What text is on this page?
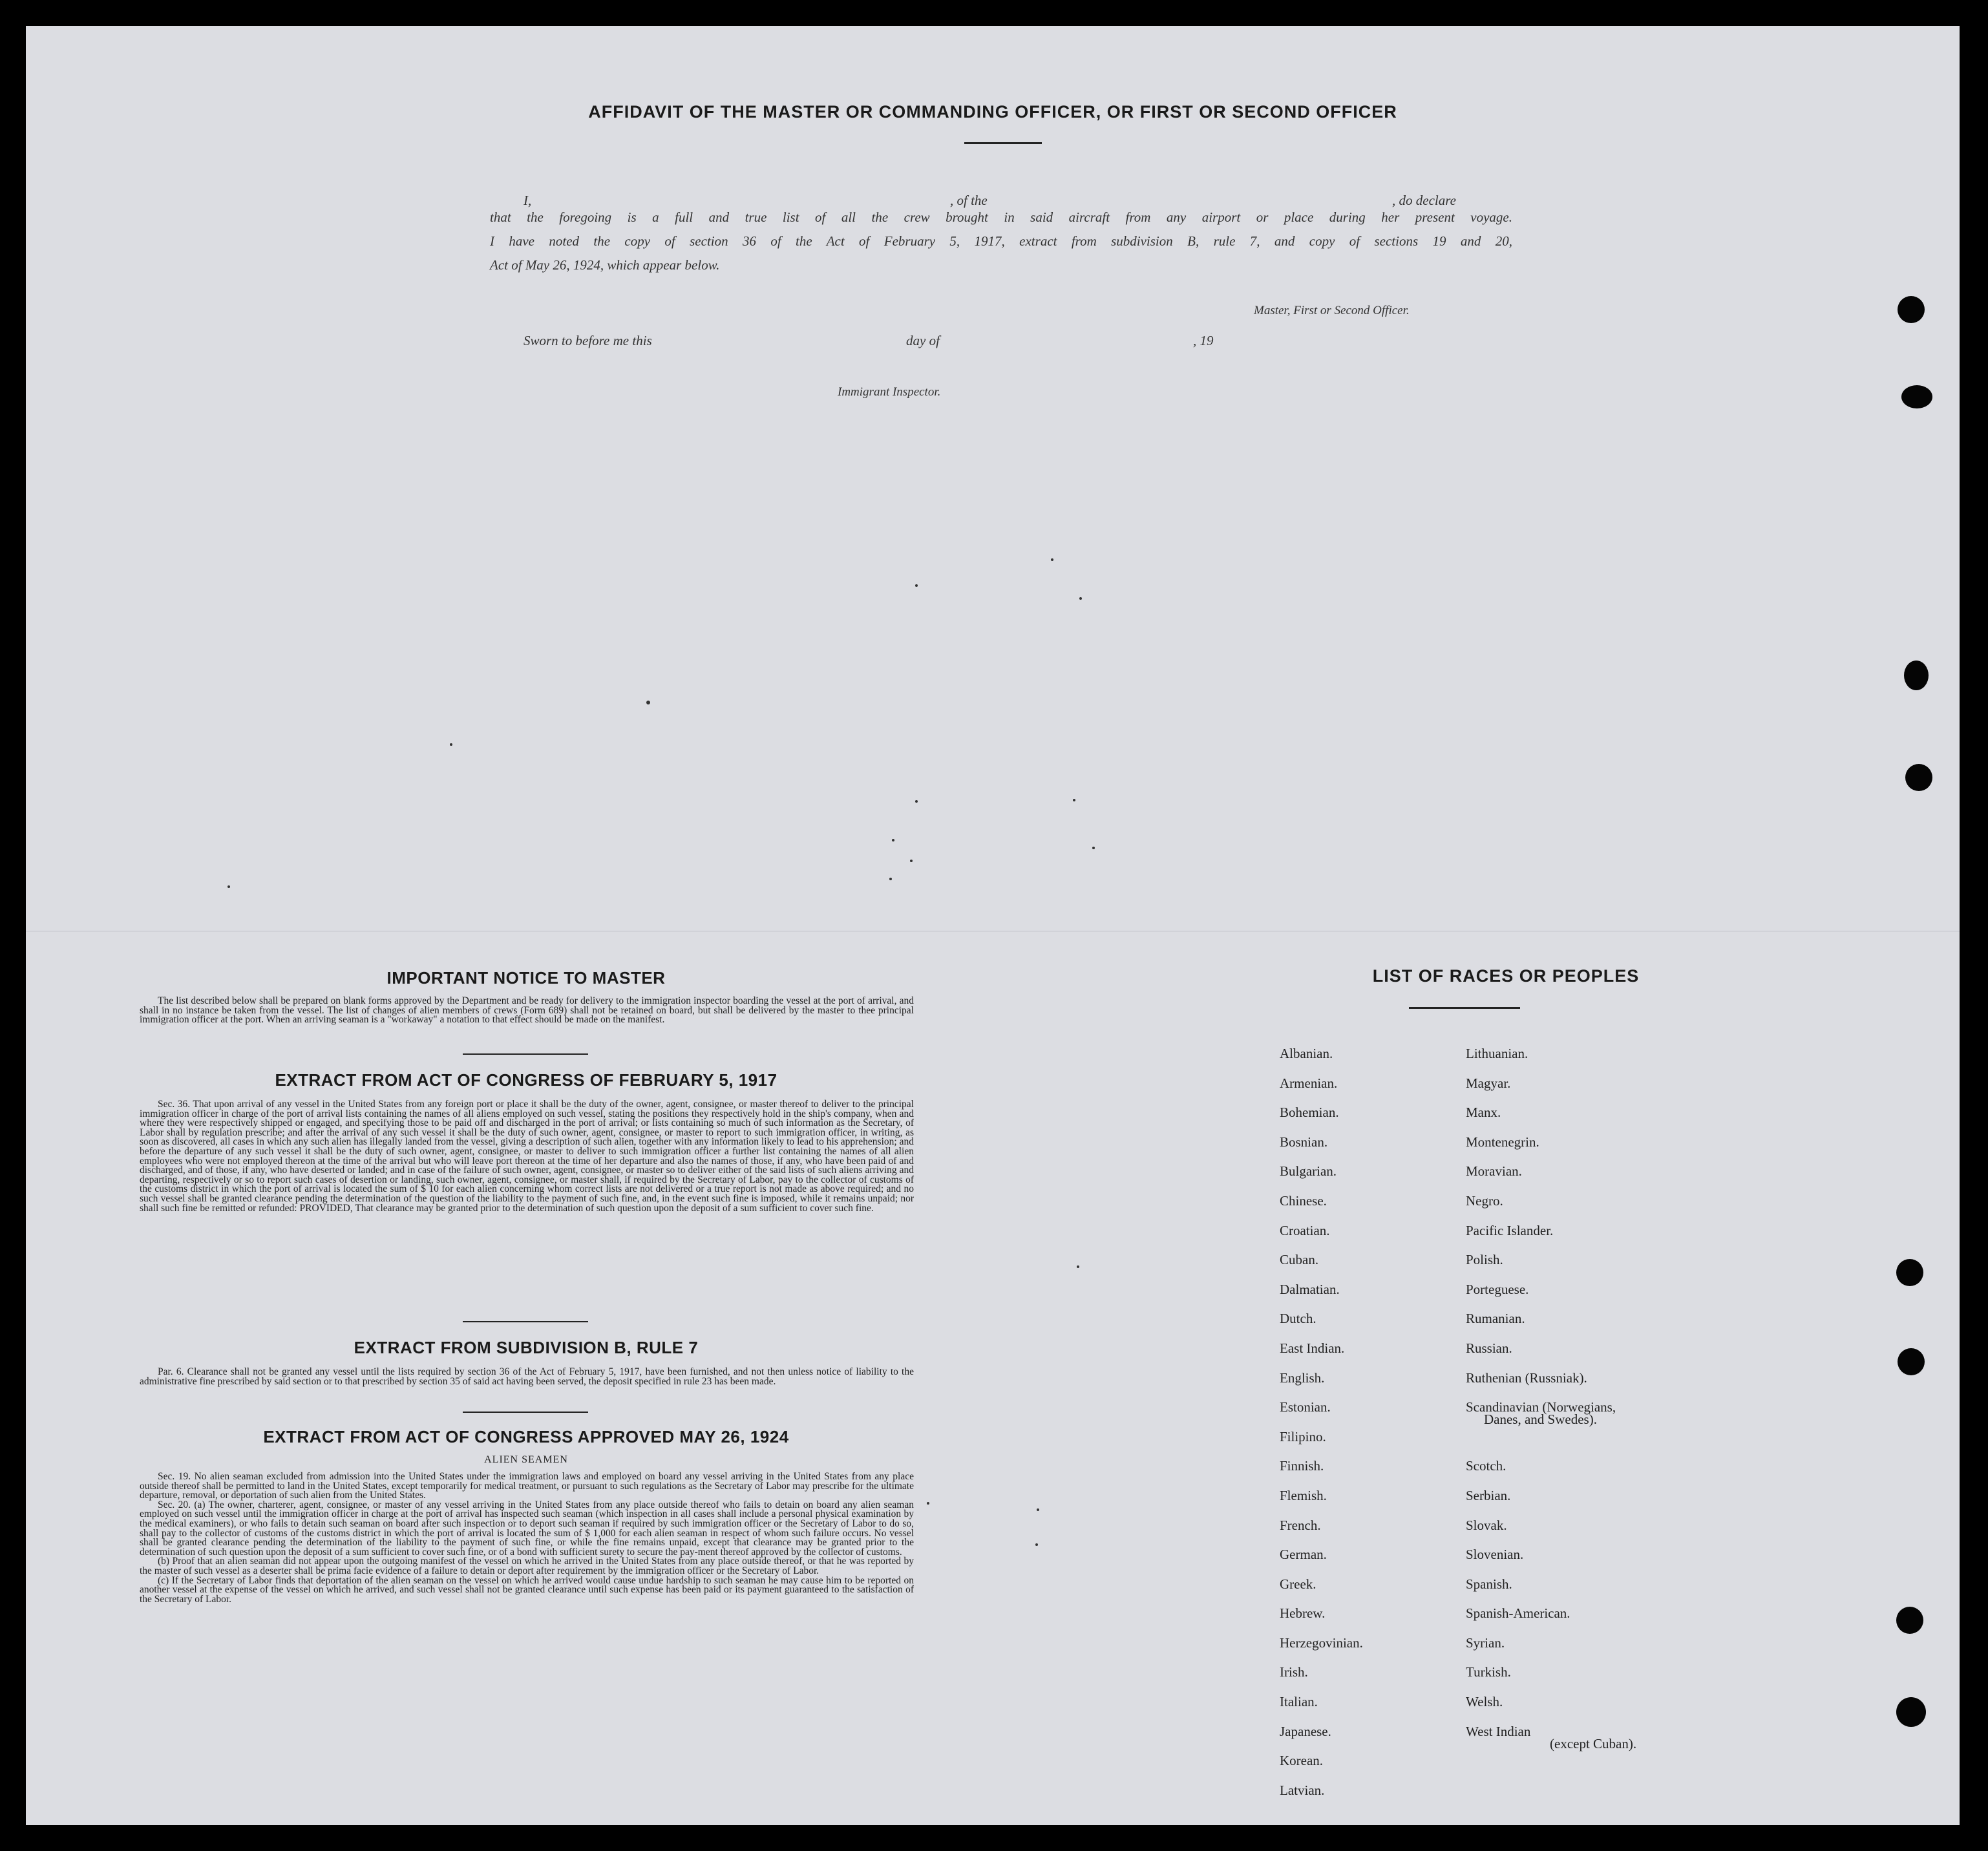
AFFIDAVIT OF THE MASTER OR COMMANDING OFFICER, OR FIRST OR SECOND OFFICER
I,	, of the	, do declare

that the foregoing is a full and true list of all the crew brought in said aircraft from any airport or place during her present voyage.

I have noted the copy of section 36 of the Act of February 5, 1917, extract from subdivision B, rule 7, and copy of sections 19 and 20,

Act of May 26, 1924, which appear below.

Master, First or Second Officer.
Sworn to before me this	day of	, 19
Immigrant Inspector.
IMPORTANT NOTICE TO MASTER

The list described below shall be prepared on blank forms approved by the Department and be ready for delivery to the immigration inspector boarding the vessel at the port of arrival, and shall in no instance be taken from the vessel. The list of changes of alien members of crews (Form 689) shall not be retained on board, but shall be delivered by the master to thee principal immigration officer at the port. When an arriving seaman is a "workaway" a notation to that effect should be made on the manifest.

EXTRACT FROM ACT OF CONGRESS OF FEBRUARY 5, 1917

Sec. 36. That upon arrival of any vessel in the United States from any foreign port or place it shall be the duty of the owner, agent, consignee, or master thereof to deliver to the principal immigration officer in charge of the port of arrival lists containing the names of all aliens employed on such vessel, stating the positions they respectively hold in the ship's company, when and where they were respectively shipped or engaged, and specifying those to be paid off and discharged in the port of arrival; or lists containing so much of such information as the Secretary, of Labor shall by regulation prescribe; and after the arrival of any such vessel it shall be the duty of such owner, agent, consignee, or master to report to such immigration officer, in writing, as soon as discovered, all cases in which any such alien has illegally landed from the vessel, giving a description of such alien, together with any information likely to lead to his apprehension; and before the departure of any such vessel it shall be the duty of such owner, agent, consignee, or master to deliver to such immigration officer a further list containing the names of all alien employees who were not employed thereon at the time of the arrival but who will leave port thereon at the time of her departure and also the names of those, if any, who have been paid of and discharged, and of those, if any, who have deserted or landed; and in case of the failure of such owner, agent, consignee, or master so to deliver either of the said lists of such aliens arriving and departing, respectively or so to report such cases of desertion or landing, such owner, agent, consignee, or master shall, if required by the Secretary of Labor, pay to the collector of customs of the customs district in which the port of arrival is located the sum of $ 10 for each alien concerning whom correct lists are not delivered or a true report is not made as above required; and no such vessel shall be granted clearance pending the determination of the question of the liability to the payment of such fine, and, in the event such fine is imposed, while it remains unpaid; nor shall such fine be remitted or refunded: PROVIDED, That clearance may be granted prior to the determination of such question upon the deposit of a sum sufficient to cover such fine.

EXTRACT FROM SUBDIVISION B, RULE 7

Par. 6. Clearance shall not be granted any vessel until the lists required by section 36 of the Act of February 5, 1917, have been furnished, and not then unless notice of liability to the administrative fine prescribed by said section or to that prescribed by section 35 of said act having been served, the deposit specified in rule 23 has been made.

EXTRACT FROM ACT OF CONGRESS APPROVED MAY 26, 1924
ALIEN SEAMEN

Sec. 19. No alien seaman excluded from admission into the United States under the immigration laws and employed on board any vessel arriving in the United States from any place outside thereof shall be permitted to land in the United States, except temporarily for medical treatment, or pursuant to such regulations as the Secretary of Labor may prescribe for the ultimate departure, removal, or deportation of such alien from the United States.

Sec. 20. (a) The owner, charterer, agent, consignee, or master of any vessel arriving in the United States from any place outside thereof who fails to detain on board any alien seaman employed on such vessel until the immigration officer in charge at the port of arrival has inspected such seaman (which inspection in all cases shall include a personal physical examination by the medical examiners), or who fails to detain such seaman on board after such inspection or to deport such seaman if required by such immigration officer or the Secretary of Labor to do so, shall pay to the collector of customs of the customs district in which the port of arrival is located the sum of $ 1,000 for each alien seaman in respect of whom such failure occurs. No vessel shall be granted clearance pending the determination of the liability to the payment of such fine, or while the fine remains unpaid, except that clearance may be granted prior to the determination of such question upon the deposit of a sum sufficient to cover such fine, or of a bond with sufficient surety to secure the pay-ment thereof approved by the collector of customs.

(b) Proof that an alien seaman did not appear upon the outgoing manifest of the vessel on which he arrived in the United States from any place outside thereof, or that he was reported by the master of such vessel as a deserter shall be prima facie evidence of a failure to detain or deport after requirement by the immigration officer or the Secretary of Labor.

(c) If the Secretary of Labor finds that deportation of the alien seaman on the vessel on which he arrived would cause undue hardship to such seaman he may cause him to be reported on another vessel at the expense of the vessel on which he arrived, and such vessel shall not be granted clearance until such expense has been paid or its payment guaranteed to the satisfaction of the Secretary of Labor.

LIST OF RACES OR PEOPLES
Albanian.
Armenian.
Bohemian.
Bosnian.
Bulgarian.
Chinese.
Croatian.
Cuban.
Dalmatian.
Dutch.
East Indian.
English.
Estonian.
Filipino.
Finnish.
Flemish.
French.
German.
Greek.
Hebrew.
Herzegovinian.
Irish.
Italian.
Japanese.
Korean.
Latvian.
Lithuanian.
Magyar.
Manx.
Montenegrin.
Moravian.
Negro.
Pacific Islander.
Polish.
Porteguese.
Rumanian.
Russian.
Ruthenian (Russniak).
Scandinavian (Norwegians,
Danes, and Swedes).
Scotch.
Serbian.
Slovak.
Slovenian.
Spanish.
Spanish-American.
Syrian.
Turkish.
Welsh.
West Indian
(except Cuban).
